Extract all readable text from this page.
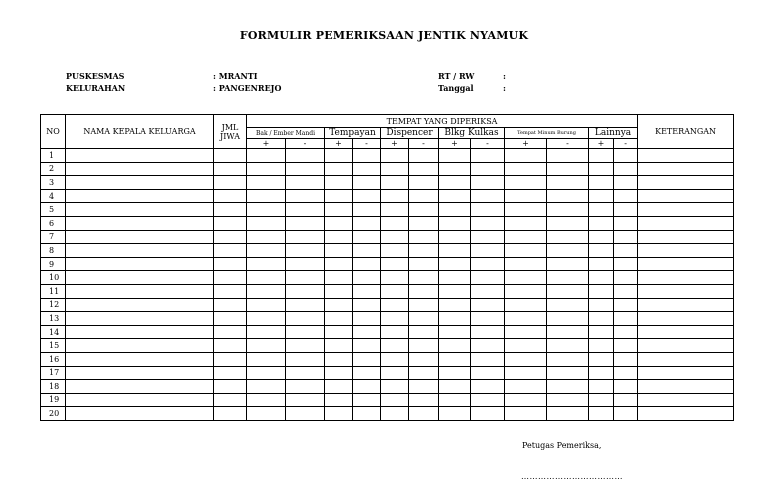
FORMULIR PEMERIKSAAN JENTIK NYAMUK
PUSKESMAS	: MRANTI
KELURAHAN	: PANGENREJO
RT / RW	:
Tanggal	:
NO	NAMA KEPALA KELUARGA	JML JIWA	TEMPAT YANG DIPERIKSA												KETERANGAN
			Bak / Ember Mandi		Tempayan		Dispencer		Blkg Kulkas		Tempat Minum Burung		Lainnya		
			+	-	+	-	+	-	+	-	+	-	+	-	
1															
2															
3															
4															
5															
6															
7															
8															
9															
10															
11															
12															
13															
14															
15															
16															
17															
18															
19															
20															
Petugas Pemeriksa,
………………………………
